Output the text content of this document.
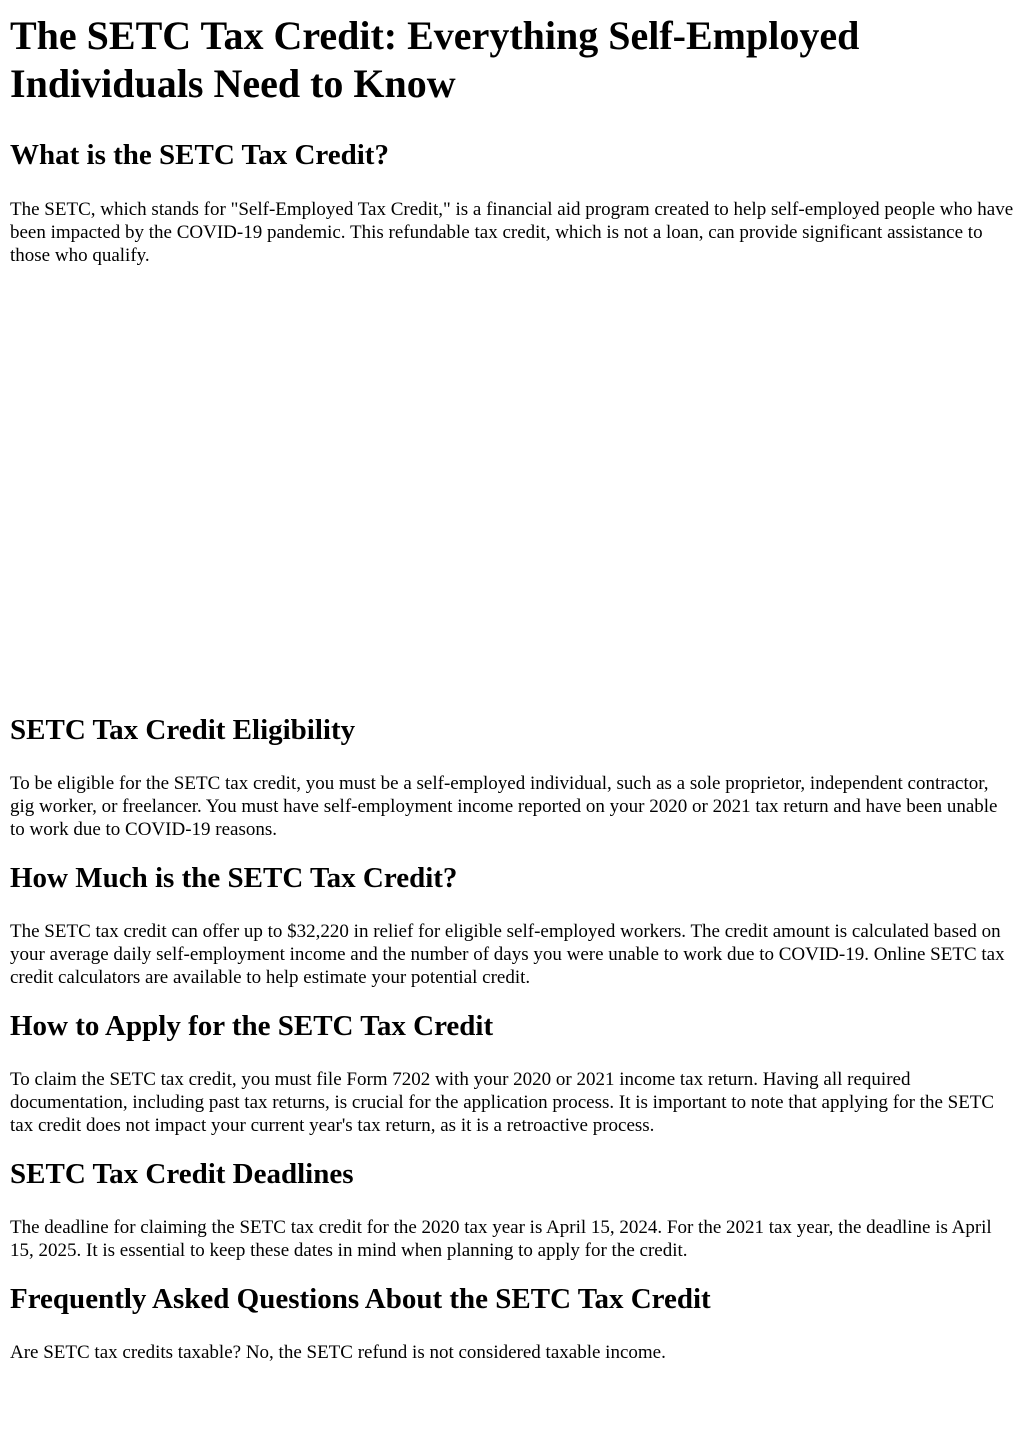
The SETC Tax Credit: Everything Self-Employed Individuals Need to Know
What is the SETC Tax Credit?

The SETC, which stands for "Self-Employed Tax Credit," is a financial aid program created to help self-employed people who have been impacted by the COVID-19 pandemic. This refundable tax credit, which is not a loan, can provide significant assistance to those who qualify.

SETC Tax Credit Eligibility

To be eligible for the SETC tax credit, you must be a self-employed individual, such as a sole proprietor, independent contractor, gig worker, or freelancer. You must have self-employment income reported on your 2020 or 2021 tax return and have been unable to work due to COVID-19 reasons.

How Much is the SETC Tax Credit?

The SETC tax credit can offer up to $32,220 in relief for eligible self-employed workers. The credit amount is calculated based on your average daily self-employment income and the number of days you were unable to work due to COVID-19. Online SETC tax credit calculators are available to help estimate your potential credit.

How to Apply for the SETC Tax Credit

To claim the SETC tax credit, you must file Form 7202 with your 2020 or 2021 income tax return. Having all required documentation, including past tax returns, is crucial for the application process. It is important to note that applying for the SETC tax credit does not impact your current year's tax return, as it is a retroactive process.

SETC Tax Credit Deadlines

The deadline for claiming the SETC tax credit for the 2020 tax year is April 15, 2024. For the 2021 tax year, the deadline is April 15, 2025. It is essential to keep these dates in mind when planning to apply for the credit.

Frequently Asked Questions About the SETC Tax Credit

Are SETC tax credits taxable? No, the SETC refund is not considered taxable income.
